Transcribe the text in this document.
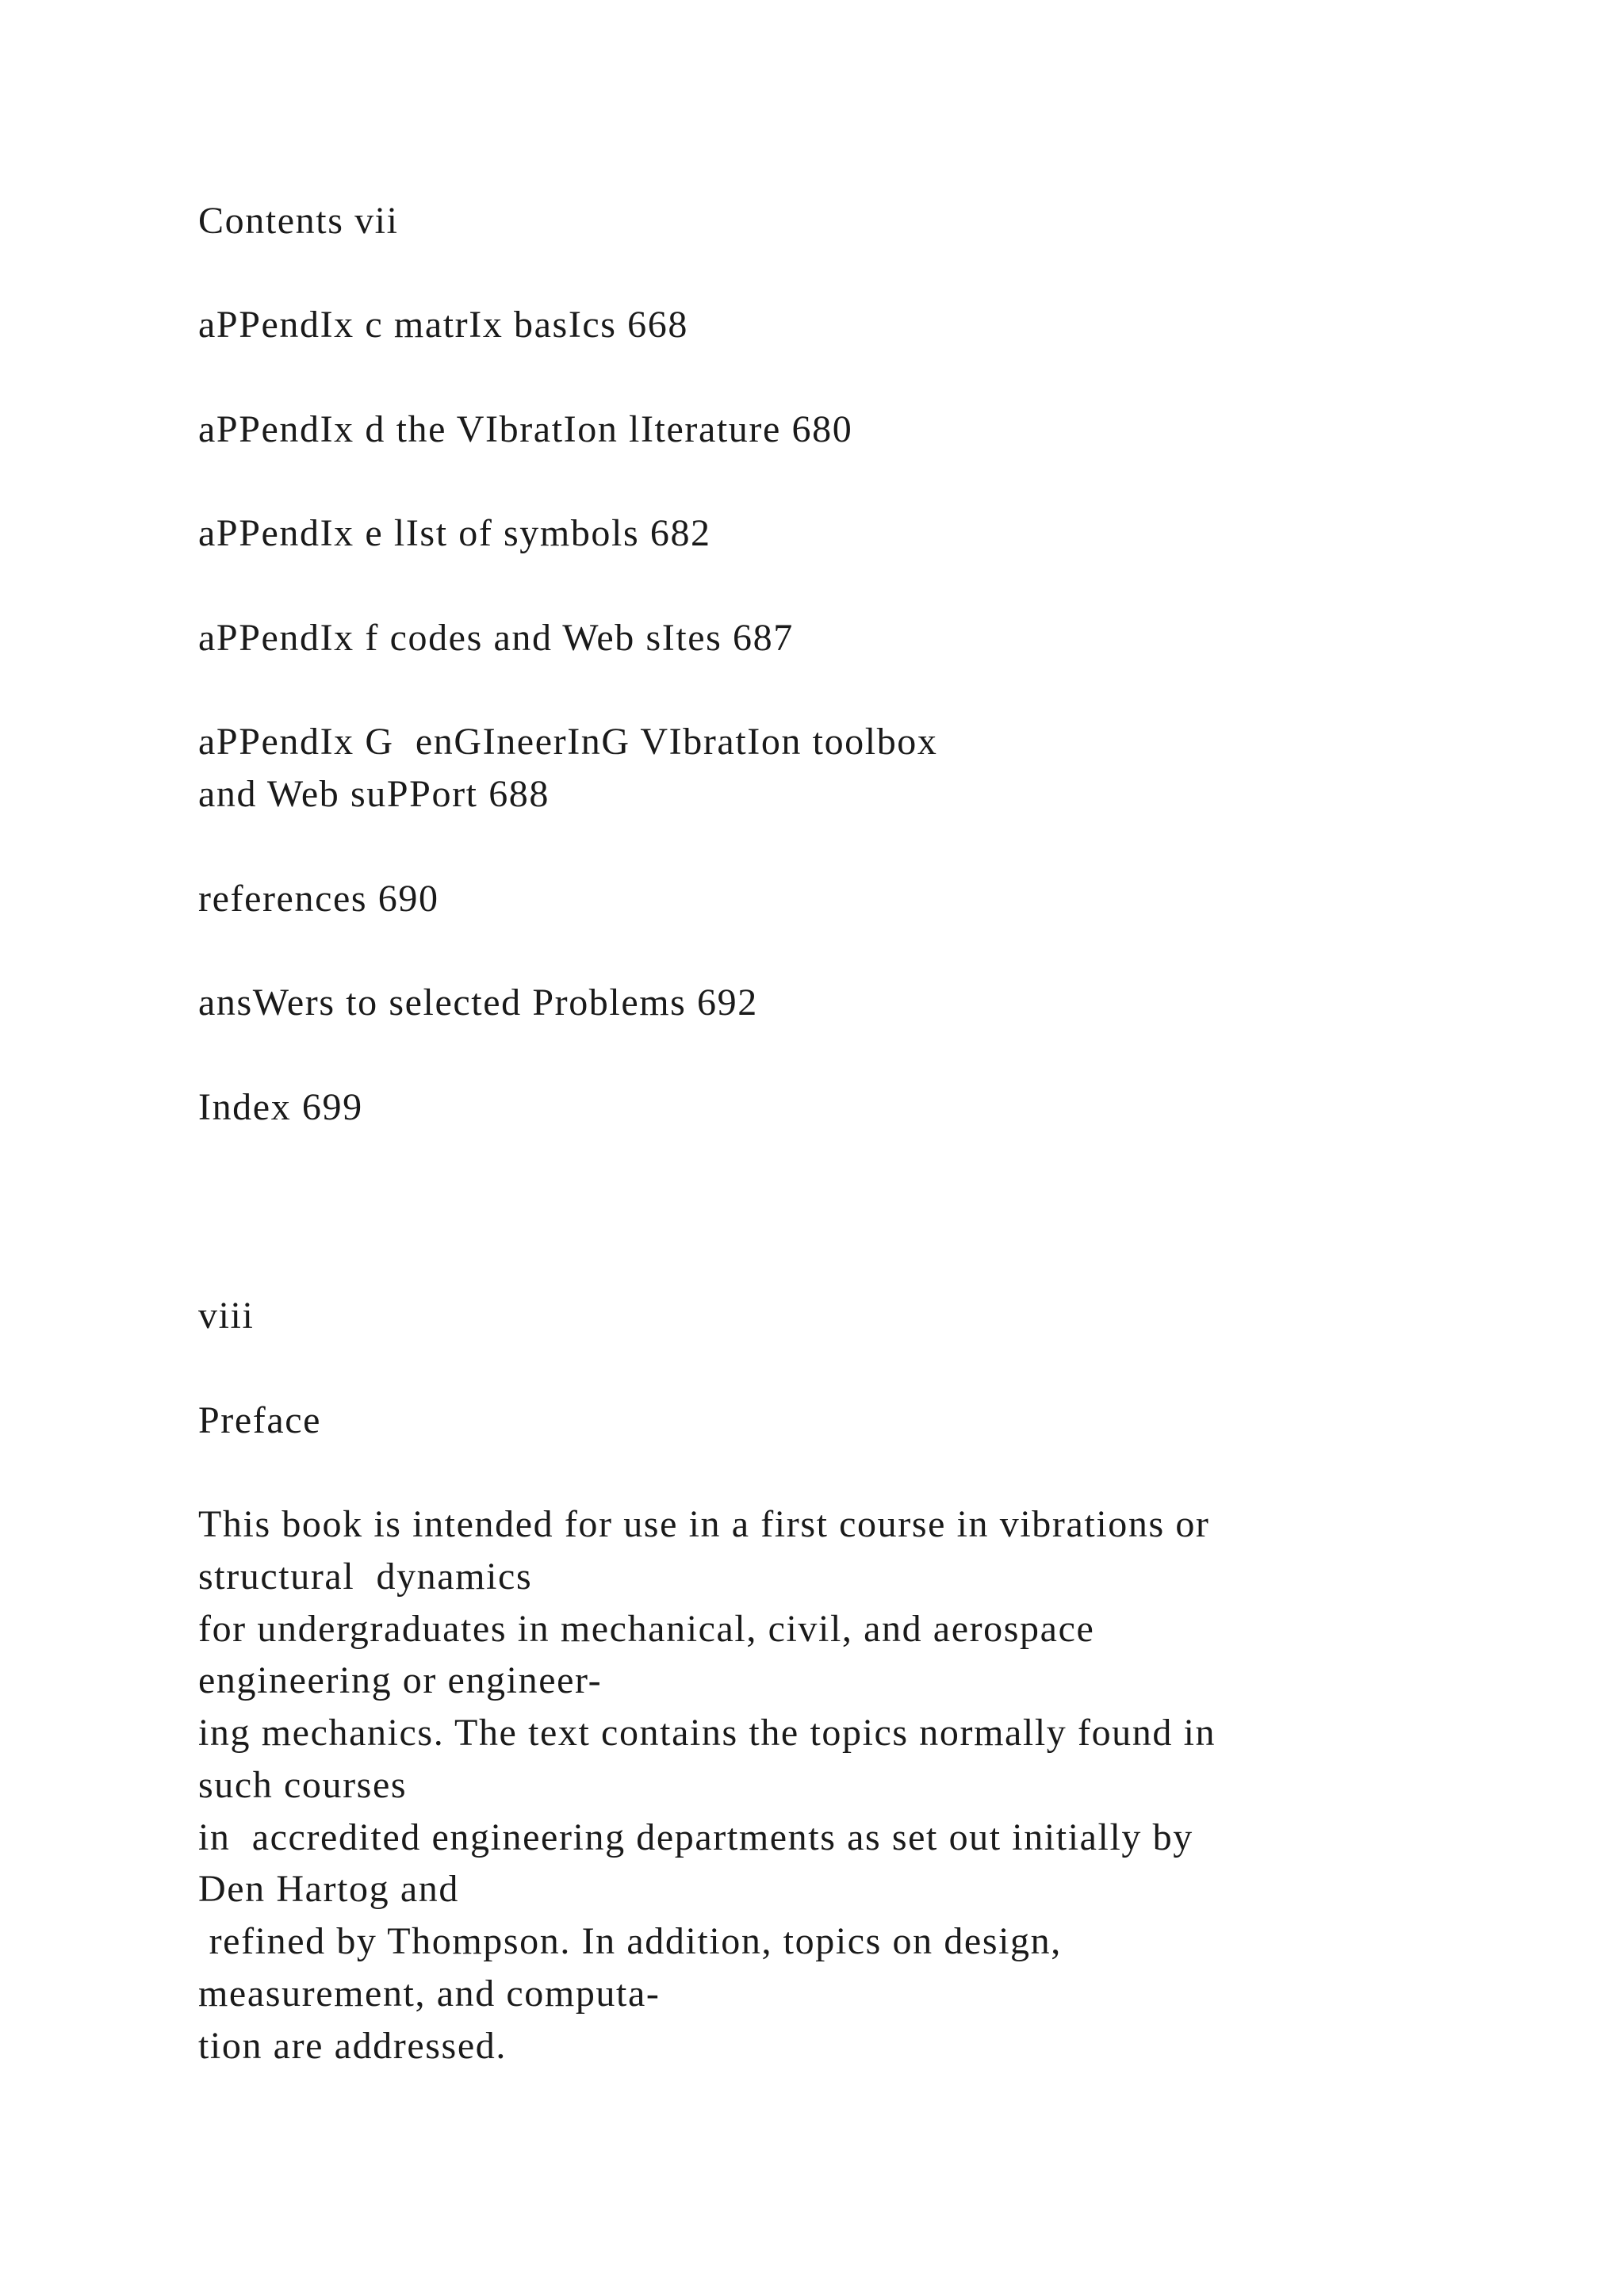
Contents vii
aPPendIx c matrIx basIcs 668
aPPendIx d the VIbratIon lIterature 680
aPPendIx e lIst of symbols 682
aPPendIx f codes and Web sItes 687
aPPendIx G  enGIneerInG VIbratIon toolbox
and Web suPPort 688
references 690
ansWers to selected Problems 692
Index 699
viii
Preface
This book is intended for use in a first course in vibrations or
structural  dynamics
for undergraduates in mechanical, civil, and aerospace
engineering or engineer-
ing mechanics. The text contains the topics normally found in
such courses
in  accredited engineering departments as set out initially by
Den Hartog and
refined by Thompson. In addition, topics on design,
measurement, and computa-
tion are addressed.
